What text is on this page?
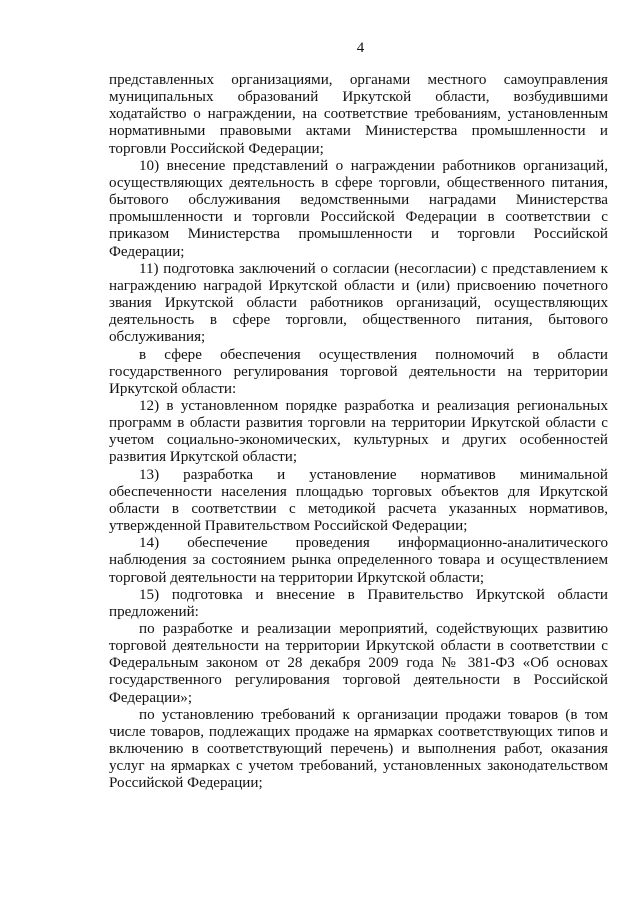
4

представленных организациями, органами местного самоуправления муниципальных образований Иркутской области, возбудившими ходатайство о награждении, на соответствие требованиям, установленным нормативными правовыми актами Министерства промышленности и торговли Российской Федерации;

10) внесение представлений о награждении работников организаций, осуществляющих деятельность в сфере торговли, общественного питания, бытового обслуживания ведомственными наградами Министерства промышленности и торговли Российской Федерации в соответствии с приказом Министерства промышленности и торговли Российской Федерации;

11) подготовка заключений о согласии (несогласии) с представлением к награждению наградой Иркутской области и (или) присвоению почетного звания Иркутской области работников организаций, осуществляющих деятельность в сфере торговли, общественного питания, бытового обслуживания;

в сфере обеспечения осуществления полномочий в области государственного регулирования торговой деятельности на территории Иркутской области:

12) в установленном порядке разработка и реализация региональных программ в области развития торговли на территории Иркутской области с учетом социально-экономических, культурных и других особенностей развития Иркутской области;

13) разработка и установление нормативов минимальной обеспеченности населения площадью торговых объектов для Иркутской области в соответствии с методикой расчета указанных нормативов, утвержденной Правительством Российской Федерации;

14) обеспечение проведения информационно-аналитического наблюдения за состоянием рынка определенного товара и осуществлением торговой деятельности на территории Иркутской области;

15) подготовка и внесение в Правительство Иркутской области предложений:

по разработке и реализации мероприятий, содействующих развитию торговой деятельности на территории Иркутской области в соответствии с Федеральным законом от 28 декабря 2009 года № 381-ФЗ «Об основах государственного регулирования торговой деятельности в Российской Федерации»;

по установлению требований к организации продажи товаров (в том числе товаров, подлежащих продаже на ярмарках соответствующих типов и включению в соответствующий перечень) и выполнения работ, оказания услуг на ярмарках с учетом требований, установленных законодательством Российской Федерации;
